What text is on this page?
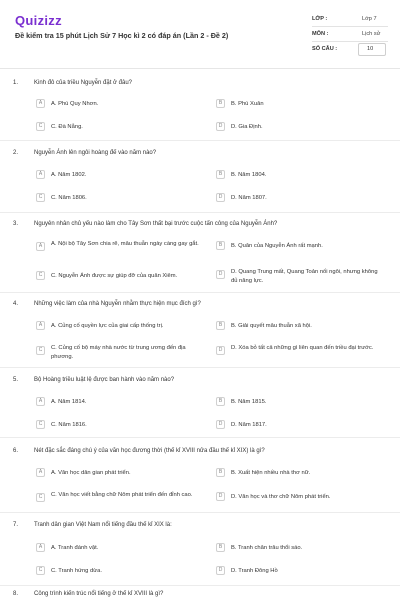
Quizizz
Đề kiểm tra 15 phút Lịch Sử 7 Học kì 2 có đáp án (Lần 2 - Đề 2)
LỚP :	Lớp 7
MÔN :	Lịch sử
SỐ CÂU :	10
1.	Kinh đô của triều Nguyễn đặt ở đâu?
A	A. Phú Quy Nhơn.	B	B. Phú Xuân
C	C. Đà Nẵng.	D	D. Gia Định.
2.	Nguyễn Ánh lên ngôi hoàng đế vào năm nào?
A	A. Năm 1802.	B	B. Năm 1804.
C	C. Năm 1806.	D	D. Năm 1807.
3.	Nguyên nhân chủ yếu nào làm cho Tây Sơn thất bại trước cuộc tấn công của Nguyễn Ánh?
A	A. Nội bộ Tây Sơn chia rẽ, mâu thuẫn ngày càng gay gắt.	B	B. Quân của Nguyễn Ánh rất mạnh.
C	C. Nguyễn Ánh được sự giúp đỡ của quân Xiêm.	D	D. Quang Trung mất, Quang Toản nối ngôi, nhưng không đủ năng lực.
4.	Những việc làm của nhà Nguyễn nhằm thực hiện mục đích gì?
A	A. Củng cố quyền lực của giai cấp thống trị.	B	B. Giải quyết mâu thuẫn xã hội.
C	C. Củng cố bộ máy nhà nước từ trung ương đến địa phương.
D	D. Xóa bỏ tất cả những gì liên quan đến triều đại trước.
5.	Bộ Hoàng triều luật lệ được ban hành vào năm nào?
A	A. Năm 1814.	B	B. Năm 1815.
C	C. Năm 1816.	D	D. Năm 1817.
6.	Nét đặc sắc đáng chú ý của văn học đương thời (thế kỉ XVIII nửa đầu thế kỉ XIX) là gì?
A	A. Văn học dân gian phát triển.	B	B. Xuất hiện nhiều nhà thơ nữ.
C	C. Văn học viết bằng chữ Nôm phát triển đến đỉnh cao.	D	D. Văn học và thơ chữ Nôm phát triển.
7.	Tranh dân gian Việt Nam nổi tiếng đầu thế kỉ XIX là:
A	A. Tranh đánh vật.	B	B. Tranh chăn trâu thổi sáo.
C	C. Tranh hứng dừa.	D	D. Tranh Đông Hồ
8.	Công trình kiến trúc nổi tiếng ở thế kỉ XVIII là gì?
